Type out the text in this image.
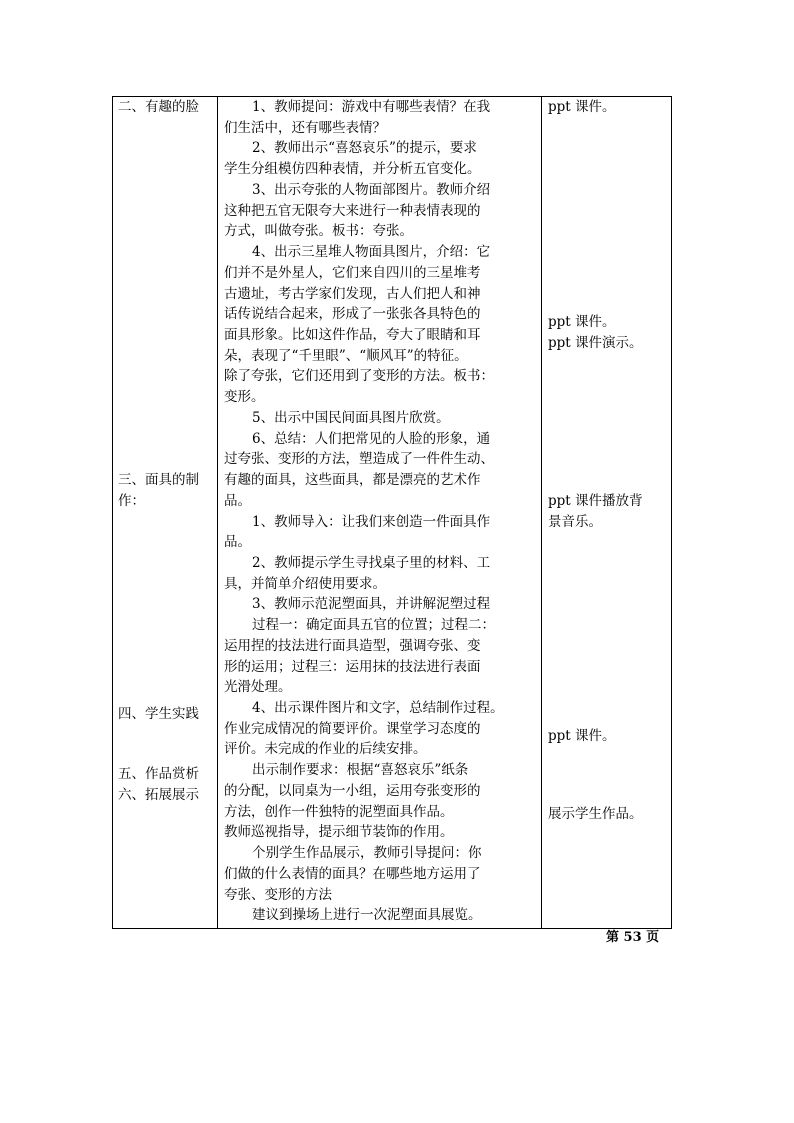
二、有趣的脸
三、面具的制
作：
四、学生实践
五、作品赏析
六、拓展展示
1、教师提问：游戏中有哪些表情？在我
们生活中，还有哪些表情？
2、教师出示“喜怒哀乐”的提示，要求
学生分组模仿四种表情，并分析五官变化。
3、出示夸张的人物面部图片。教师介绍
这种把五官无限夸大来进行一种表情表现的
方式，叫做夸张。板书：夸张。
4、出示三星堆人物面具图片，介绍：它
们并不是外星人，它们来自四川的三星堆考
古遗址，考古学家们发现，古人们把人和神
话传说结合起来，形成了一张张各具特色的
面具形象。比如这件作品，夸大了眼睛和耳
朵，表现了“千里眼”、“顺风耳”的特征。
除了夸张，它们还用到了变形的方法。板书：
变形。
5、出示中国民间面具图片欣赏。
6、总结：人们把常见的人脸的形象，通
过夸张、变形的方法，塑造成了一件件生动、
有趣的面具，这些面具，都是漂亮的艺术作
品。
1、教师导入：让我们来创造一件面具作
品。
2、教师提示学生寻找桌子里的材料、工
具，并简单介绍使用要求。
3、教师示范泥塑面具，并讲解泥塑过程
过程一：确定面具五官的位置；过程二：
运用捏的技法进行面具造型，强调夸张、变
形的运用；过程三：运用抹的技法进行表面
光滑处理。
4、出示课件图片和文字，总结制作过程。
作业完成情况的简要评价。课堂学习态度的
评价。未完成的作业的后续安排。
出示制作要求：根据“喜怒哀乐”纸条
的分配，以同桌为一小组，运用夸张变形的
方法，创作一件独特的泥塑面具作品。
教师巡视指导，提示细节装饰的作用。
个别学生作品展示，教师引导提问：你
们做的什么表情的面具？在哪些地方运用了
夸张、变形的方法
建议到操场上进行一次泥塑面具展览。
ppt 课件。
ppt 课件。
ppt 课件演示。
ppt 课件播放背
景音乐。
ppt 课件。
展示学生作品。
第 53 页
